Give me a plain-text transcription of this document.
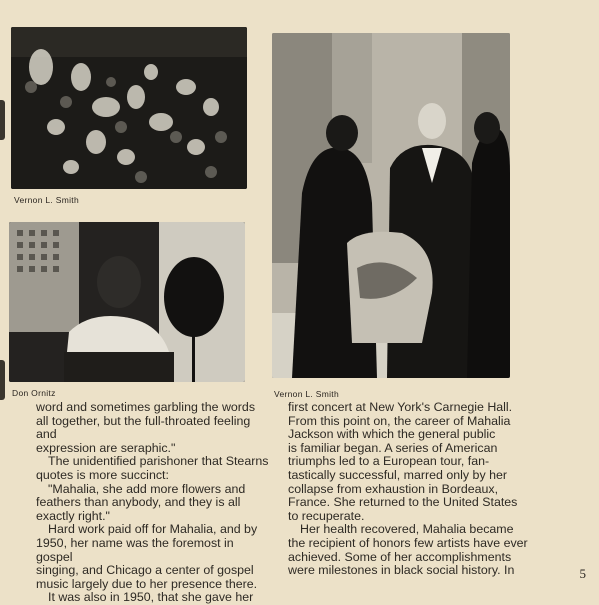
Vernon L. Smith
Don Ornitz	Vernon L. Smith

word and sometimes garbling the words

all together, but the full-throated feeling and

expression are seraphic."

The unidentified parishoner that Stearns

quotes is more succinct:

"Mahalia, she add more flowers and

feathers than anybody, and they is all

exactly right."

Hard work paid off for Mahalia, and by

1950, her name was the foremost in gospel

singing, and Chicago a center of gospel

music largely due to her presence there.

It was also in 1950, that she gave her

first concert at New York's Carnegie Hall.

From this point on, the career of Mahalia

Jackson with which the general public

is familiar began. A series of American

triumphs led to a European tour, fan-

tastically successful, marred only by her

collapse from exhaustion in Bordeaux,

France. She returned to the United States

to recuperate.

Her health recovered, Mahalia became

the recipient of honors few artists have ever

achieved. Some of her accomplishments

were milestones in black social history. In	5
